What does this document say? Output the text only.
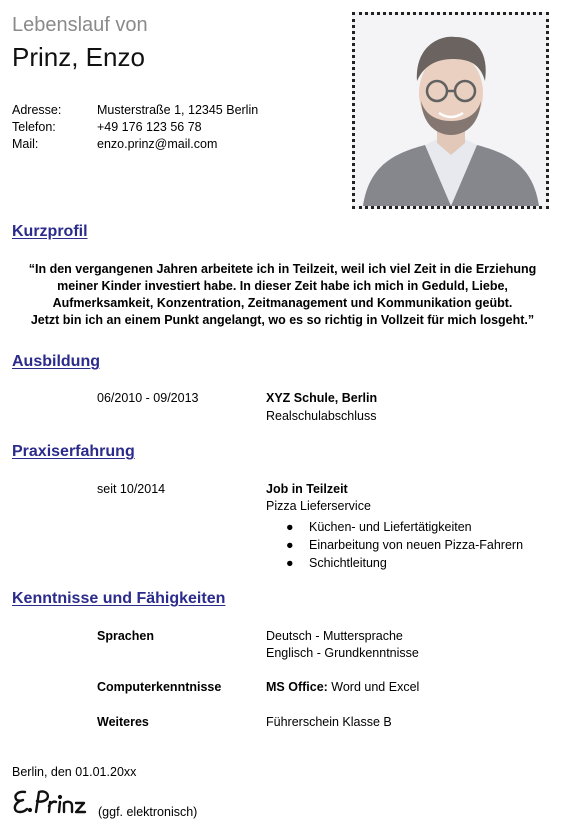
Lebenslauf von
Prinz, Enzo
Adresse:	Musterstraße 1, 12345 Berlin
Telefon:	+49 176 123 56 78
Mail:	enzo.prinz@mail.com
Kurzprofil
“In den vergangenen Jahren arbeitete ich in Teilzeit, weil ich viel Zeit in die Erziehung
meiner Kinder investiert habe. In dieser Zeit habe ich mich in Geduld, Liebe,
Aufmerksamkeit, Konzentration, Zeitmanagement und Kommunikation geübt.
Jetzt bin ich an einem Punkt angelangt, wo es so richtig in Vollzeit für mich losgeht.”
Ausbildung
06/2010 - 09/2013	XYZ Schule, Berlin
Realschulabschluss
Praxiserfahrung
seit 10/2014	Job in Teilzeit
Pizza Lieferservice
●	Küchen- und Liefertätigkeiten
●	Einarbeitung von neuen Pizza-Fahrern
●	Schichtleitung
Kenntnisse und Fähigkeiten
Sprachen	Deutsch - Muttersprache
Englisch - Grundkenntnisse
Computerkenntnisse	MS Office: Word und Excel
Weiteres	Führerschein Klasse B
Berlin, den 01.01.20xx
(ggf. elektronisch)
